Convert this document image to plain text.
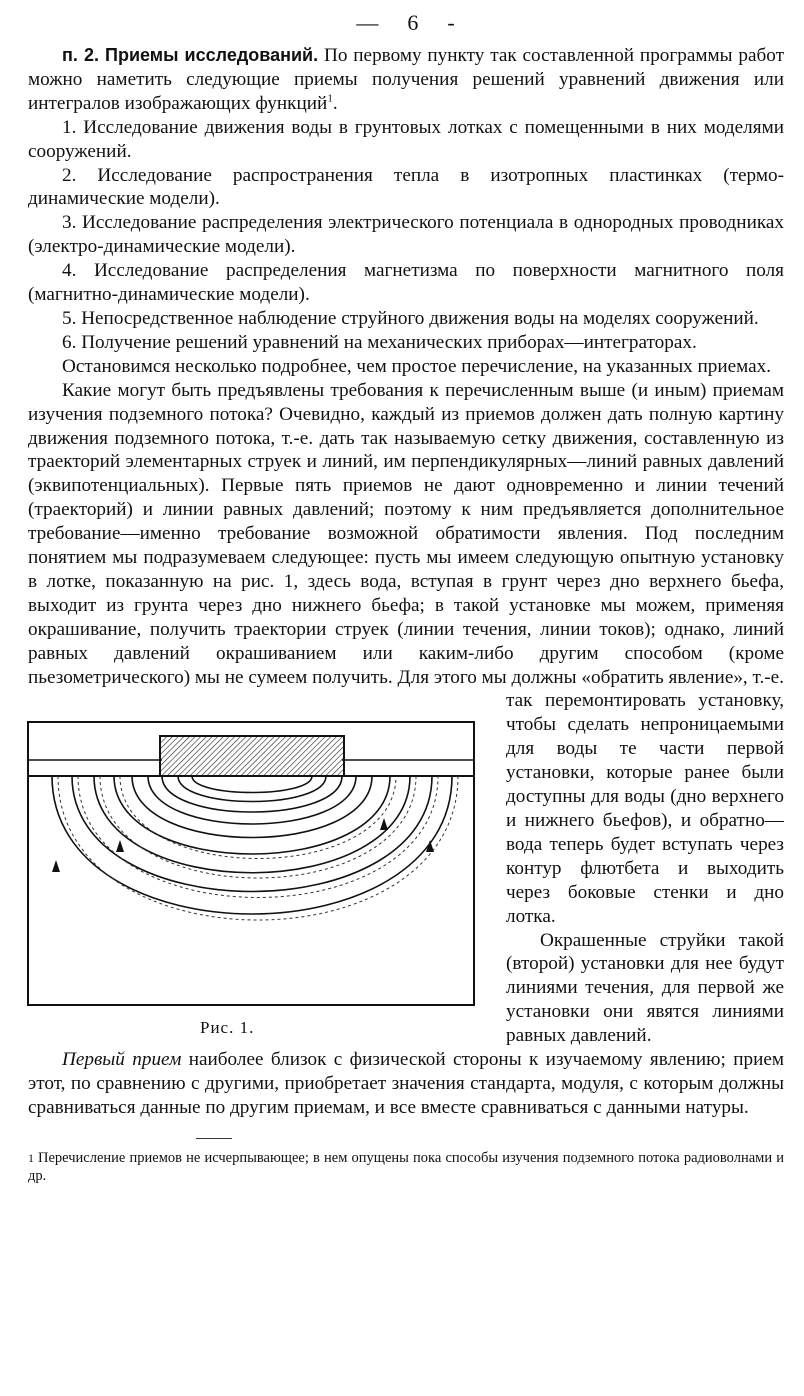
— 6 -

п. 2. Приемы исследований. По первому пункту так составленной программы работ можно наметить следующие приемы получения решений уравнений движения или интегралов изображающих функций$^1$.

1. Исследование движения воды в грунтовых лотках с помещенными в них моделями сооружений.

2. Исследование распространения тепла в изотропных пластинках (термо-динамические модели).

3. Исследование распределения электрического потенциала в однородных проводниках (электро-динамические модели).

4. Исследование распределения магнетизма по поверхности магнитного поля (магнитно-динамические модели).

5. Непосредственное наблюдение струйного движения воды на моделях сооружений.

6. Получение решений уравнений на механических приборах—интеграторах.

Остановимся несколько подробнее, чем простое перечисление, на указанных приемах.

Какие могут быть предъявлены требования к перечисленным выше (и иным) приемам изучения подземного потока? Очевидно, каждый из приемов должен дать полную картину движения подземного потока, т.-е. дать так называемую сетку движения, составленную из траекторий элементарных струек и линий, им перпендикулярных—линий равных давлений (эквипотенциальных). Первые пять приемов не дают одновременно и линии течений (траекторий) и линии равных давлений; поэтому к ним предъявляется дополнительное требование—именно требование возможной обратимости явления. Под последним понятием мы подразумеваем следующее: пусть мы имеем следующую опытную установку в лотке, показанную на рис. 1, здесь вода, вступая в грунт через дно верхнего бьефа, выходит из грунта через дно нижнего бьефа; в такой установке мы можем, применяя окрашивание, получить траектории струек (линии течения, линии токов); однако, линий равных давлений окрашиванием или каким-либо другим способом (кроме пьезометрического) мы не сумеем получить. Для этого мы должны «обратить явление», т.-е. так перемонтировать установку, чтобы сделать непроницаемыми для воды те части первой установки, которые ранее были доступны для воды (дно верхнего и нижнего бьефов), и обратно—вода теперь будет вступать через контур флютбета и выходить через боковые стенки и дно лотка.

Окрашенные струйки такой (второй) установки для нее будут линиями течения, для первой же установки они явятся линиями равных давлений.

Первый прием наиболее близок с физической стороны к изучаемому явлению; прием этот, по сравнению с другими, приобретает значения стандарта, модуля, с которым должны сравниваться данные по другим приемам, и все вместе сравниваться с данными натуры.

1 Перечисление приемов не исчерпывающее; в нем опущены пока способы изучения подземного потока радиоволнами и др.

Рис. 1.
